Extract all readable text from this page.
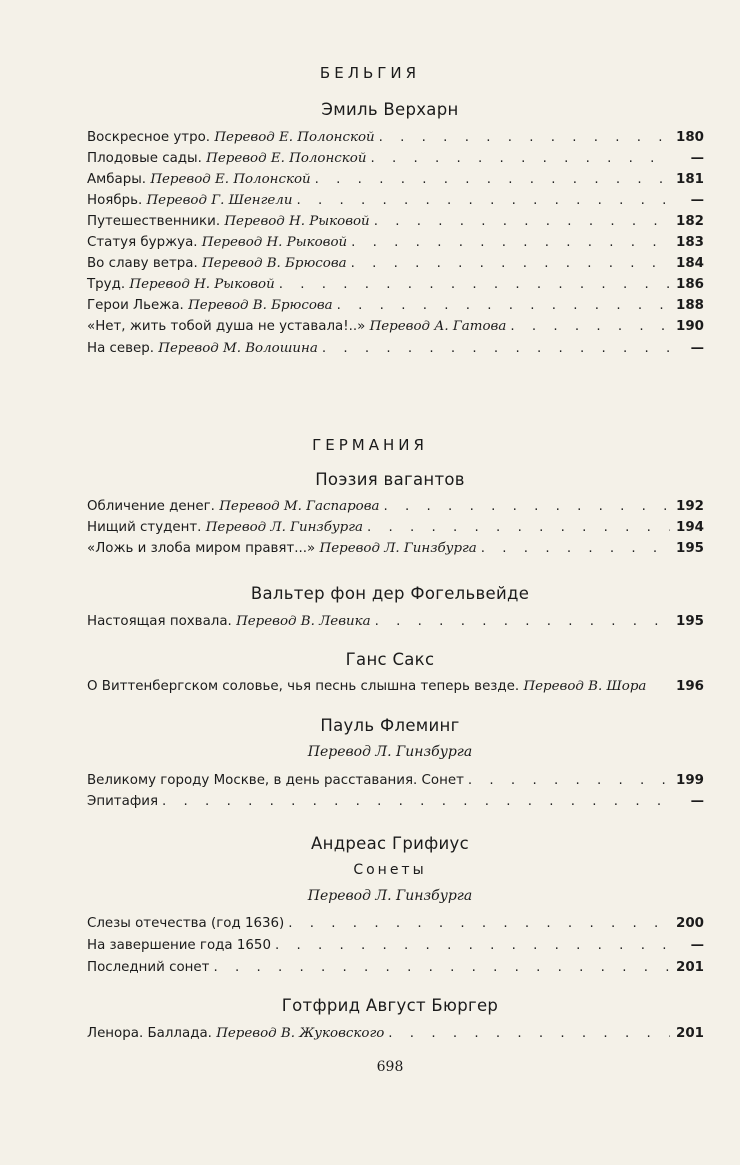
БЕЛЬГИЯ
Эмиль Верхарн
Воскресное утро. Перевод Е. Полонской . . .	180
Плодовые сады. Перевод Е. Полонской . . .	—
Амбары. Перевод Е. Полонской . . .	181
Ноябрь. Перевод Г. Шенгели . . .	—
Путешественники. Перевод Н. Рыковой . . .	182
Статуя буржуа. Перевод Н. Рыковой . . .	183
Во славу ветра. Перевод В. Брюсова . . .	184
Труд. Перевод Н. Рыковой . . .	186
Герои Льежа. Перевод В. Брюсова . . .	188
«Нет, жить тобой душа не уставала!..» Перевод А. Гатова . . .	190
На север. Перевод М. Волошина . . .	—
ГЕРМАНИЯ
Поэзия вагантов
Обличение денег. Перевод М. Гаспарова . . .	192
Нищий студент. Перевод Л. Гинзбурга . . .	194
«Ложь и злоба миром правят...» Перевод Л. Гинзбурга . . .	195
Вальтер фон дер Фогельвейде
Настоящая похвала. Перевод В. Левика . . .	195
Ганс Сакс
О Виттенбергском соловье, чья песнь слышна теперь везде. Перевод В. Шора 196
Пауль Флеминг
Перевод Л. Гинзбурга
Великому городу Москве, в день расставания. Сонет . . .	199
Эпитафия . . .	—
Андреас Грифиус
Сонеты
Перевод Л. Гинзбурга
Слезы отечества (год 1636) . . .	200
На завершение года 1650 . . .	—
Последний сонет . . .	201
Готфрид Август Бюргер
Ленора. Баллада. Перевод В. Жуковского . . .	201
698
